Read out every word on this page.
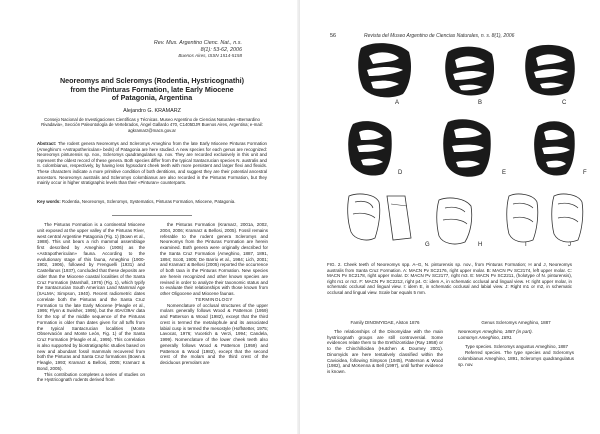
Rev. Mus. Argentino Cienc. Nat., n.s.
8(1): 53-62, 2006
Buenos Aires, ISSN 1514-5158
Neoreomys and Scleromys (Rodentia, Hystricognathi)
from the Pinturas Formation, late Early Miocene
of Patagonia, Argentina
Alejandro G. KRAMARZ
Consejo Nacional de Investigaciones Científicas y Técnicas. Museo Argentino de Ciencias Naturales «Bernardino Rivadavia», Sección Paleontología de Vertebrados, Ángel Gallardo 470, C1405DJR Buenos Aires, Argentina; e-mail: agkramarz@macn.gov.ar
Abstract: The rodent genera Neoreomys and Scleromys Ameghino from the late Early Miocene Pinturas Formation (Ameghino's «Astrapothericulan» beds) of Patagonia are here studied. A new species for each genus are recognized: Neoreomys pinturensis sp. nov., Scleromys quadrangulatus sp. nov. They are recorded exclusively in this unit and represent the oldest record of these genera. Both species differ from the typical Santacrucian species N. australis and S. colombianus, respectively, by having less hypsodont cheek teeth with more persistent and larger flexi and flexids. These characters indicate a more primitive condition of both dentitions, and suggest they are their potential ancestral ancestors. Neoreomys australis and Scleromys colombianus are also recorded in the Pinturas Formation, but they mainly occur in higher stratigraphic levels than their «Pinturan» counterparts.
Key words: Rodentia, Neoreomys, Scleromys, Systematics, Pinturas Formation, Miocene, Patagonia.

The Pinturas Formation is a continental Miocene unit exposed at the upper valley of the Pinturas River, west central Argentine Patagonia (Fig. 1) (Bown et al., 1988). This unit bears a rich mammal assemblage first described by Ameghino (1906) as the «Astrapothericulan» fauna. According to the evolutionary stage of this fauna, Ameghino (1900-1902, 1906), followed by Frenguelli (1931) and Castellanos (1937), concluded that these deposits are older than the Miocene coastal localities of the Santa Cruz Formation (Marshall, 1976) (Fig. 1), which typify the Santacrucian South American Land Mammal Age (SALMA; Simpson, 1940). Recent radiometric dates correlate both the Pinturas and the Santa Cruz Formation to the late Early Miocene (Fleagle et al., 1995; Flynn & Swisher, 1995), but the 40Ar/39Ar data for the top of the middle sequence of the Pinturas Formation is older than dates given for all tuffs from the typical Santacrucian localities (Monte Observación and Monte León, Fig. 1) of the Santa Cruz Formation (Fleagle et al., 1995). This correlation is also supported by biostratigraphic studies based on new and abundant fossil mammals recovered from both the Pinturas and Santa Cruz formations (Bown & Fleagle, 1993; Kramarz & Bellosi, 2005; Kramarz & Bond, 2005).

This contribution completes a series of studies on the Hystricognath rodents derived from

the Pinturas Formation (Kramarz, 2001a, 2002, 2004, 2006; Kramarz & Bellosi, 2005). Fossil remains referable to the rodent genera Scleromys and Neoreomys from the Pinturas Formation are herein examined. Both genera were originally described for the Santa Cruz Formation (Ameghino, 1887, 1891, 1894; Scott, 1905; De Barrio et al., 1984; Lich, 2001; and Kramarz & Bellosi (2005) reported the occurrence of both taxa in the Pinturas Formation. New species are herein recognized and other known species are revised in order to analyze their taxonomic status and to evaluate their relationships with those known from other Oligocene and Miocene faunas.

TERMINOLOGY

Nomenclature of occlusal structures of the upper molars generally follows Wood & Patterson (1959) and Patterson & Wood (1982), except that the third crest is termed the metalophule and its associated labial cusp is termed the mesostyle (Hoffstetter, 1975; Lavocat, 1976; Vucetich & Verzi, 1994; Candela, 1999). Nomenclature of the lower cheek teeth also generally follows Wood & Patterson (1959) and Patterson & Wood (1982), except that the second crest of the molars and the third crest of the deciduous premolars are

56	Revista del Museo Argentino de Ciencias Naturales, n. s. 8(1), 2006
A	B	C
D	E	F
G	H	I	J
FIG. 2. Cheek teeth of Neoreomys spp. A–G, N. pinturensis sp. nov., from Pinturas Formation; H and J, Neoreomys australis from Santa Cruz Formation. A: MACN Pv SC2176, right upper molar. B: MACN Pv SC2174, left upper molar. C: MACN Pv SC2178, right upper molar. D: MACN Pv SC2177, right m3. E: MACN Pv SC2211, (holotype of N. pinturensis), right m1 or m2. F: MACN Pv SC2212, right p4. G: idem A, in schematic occlusal and lingual view. H: right upper molar, in schematic occlusal and lingual view. I: idem E, in schematic occlusal and labial view. J: Right m1 or m2, in schematic occlusal and lingual view. Scale bar equals 5 mm.

Family DINOMYIDAE, Alston 1876

The relationships of the Dinomyidae with the main hystricognath groups are still controversial. Some evidences relate them to the Erethizontidae (Ray 1958) or to the Chinchilloidea (Hutchen & Dourney 2001). Dinomyids are here tentatively classified within the Cavioidea, following Simpson (1945), Patterson & Wood (1982), and McKenna & Bell (1997), until further evidence is known.

Genus Scleromys Ameghino, 1887

Neoreomys Ameghino, 1887 (in part).

Lomomys Ameghino, 1891.

Type species. Scleromys angustus Ameghino, 1887

Referred species. The type species and Scleromys colombianus Ameghino, 1891, Scleromys quadrangulatus sp. nov.
